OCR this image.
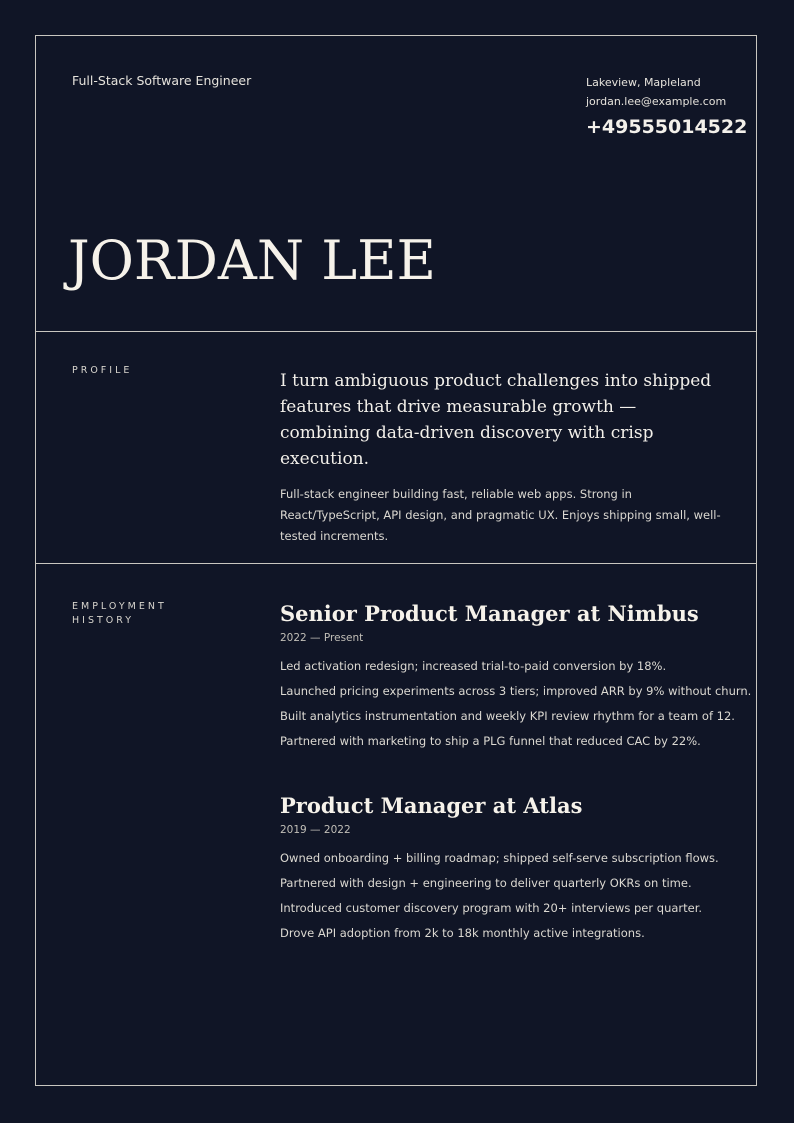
Full-Stack Software Engineer	Lakeview, Mapleland
jordan.lee@example.com
+49555014522
JORDAN LEE
PROFILE

I turn ambiguous product challenges into shipped features that drive measurable growth — combining data-driven discovery with crisp execution.

Full-stack engineer building fast, reliable web apps. Strong in React/TypeScript, API design, and pragmatic UX. Enjoys shipping small, well-tested increments.

EMPLOYMENT
HISTORY	Senior Product Manager at Nimbus

2022 — Present

Led activation redesign; increased trial-to-paid conversion by 18%.

Launched pricing experiments across 3 tiers; improved ARR by 9% without churn.

Built analytics instrumentation and weekly KPI review rhythm for a team of 12.

Partnered with marketing to ship a PLG funnel that reduced CAC by 22%.

Product Manager at Atlas

2019 — 2022

Owned onboarding + billing roadmap; shipped self-serve subscription flows.

Partnered with design + engineering to deliver quarterly OKRs on time.

Introduced customer discovery program with 20+ interviews per quarter.

Drove API adoption from 2k to 18k monthly active integrations.
